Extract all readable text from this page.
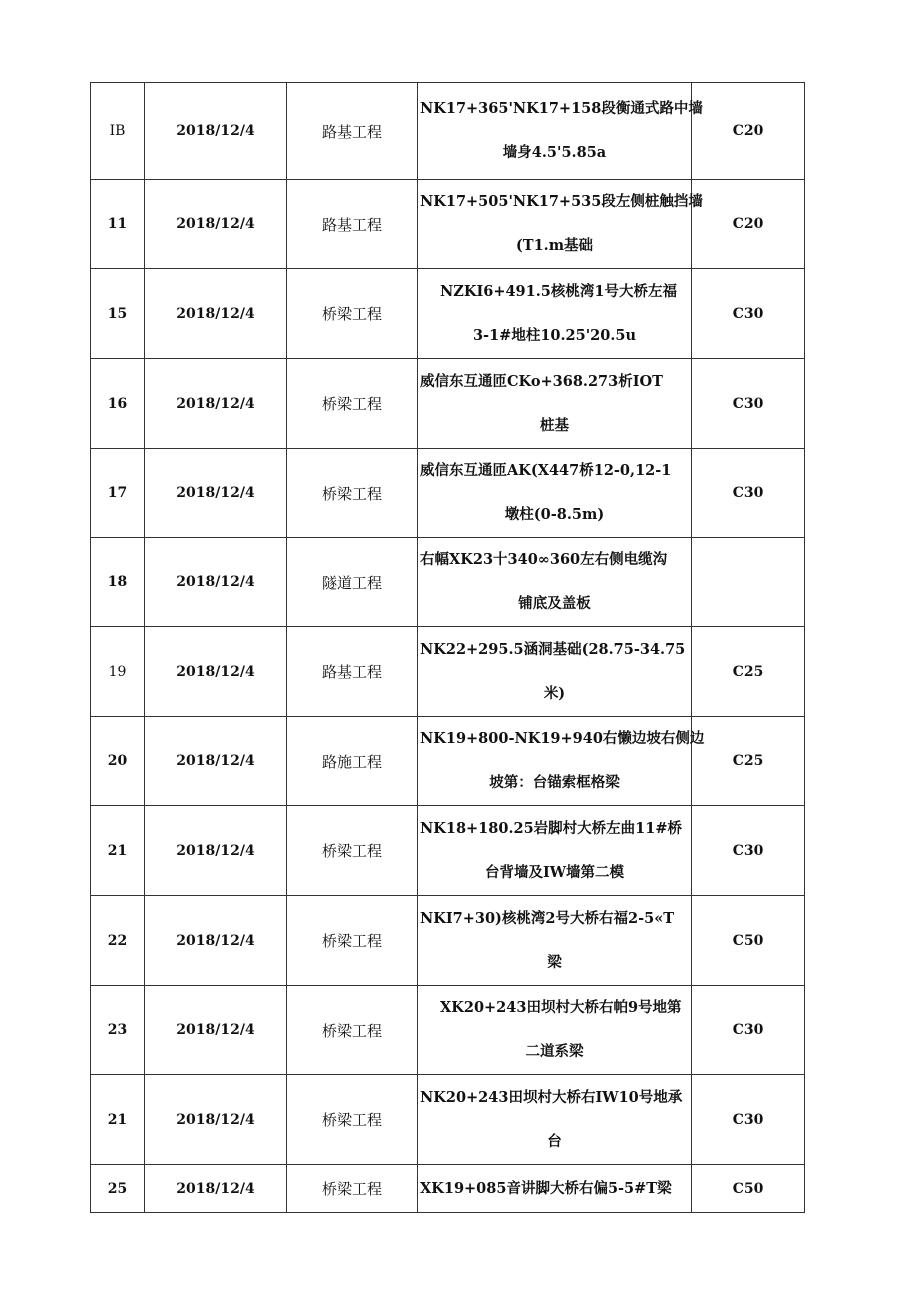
IB	2018/12/4	路基工程	NK17+365'NK17+158段衡通式路中墙
墙身4.5'5.85a	C20
11	2018/12/4	路基工程	NK17+505'NK17+535段左侧桩触挡墙
(T1.m基础	C20
15	2018/12/4	桥梁工程	NZKI6+491.5核桃湾1号大桥左福
3-1#地柱10.25'20.5u	C30
16	2018/12/4	桥梁工程	威信东互通匝CKo+368.273析IOT
桩基	C30
17	2018/12/4	桥梁工程	威信东互通匝AK(X447桥12-0,12-1
墩柱(0-8.5m)	C30
18	2018/12/4	隧道工程	右幅XK23十340∞360左右侧电缆沟
铺底及盖板	

19	2018/12/4	路基工程	NK22+295.5涵洞基础(28.75-34.75
米)	C25
20	2018/12/4	路施工程	NK19+800-NK19+940右懒边坡右侧边
坡第：台锚索框格梁	C25
21	2018/12/4	桥梁工程	NK18+180.25岩脚村大桥左曲11#桥
台背墙及IW墙第二模	C30
22	2018/12/4	桥梁工程	NKI7+30)核桃湾2号大桥右福2-5«T
梁	C50
23	2018/12/4	桥梁工程	XK20+243田坝村大桥右帕9号地第
二道系梁	C30
21	2018/12/4	桥梁工程	NK20+243田坝村大桥右IW10号地承
台	C30
25	2018/12/4	桥梁工程	XK19+085音讲脚大桥右偏5-5#T梁	C50
